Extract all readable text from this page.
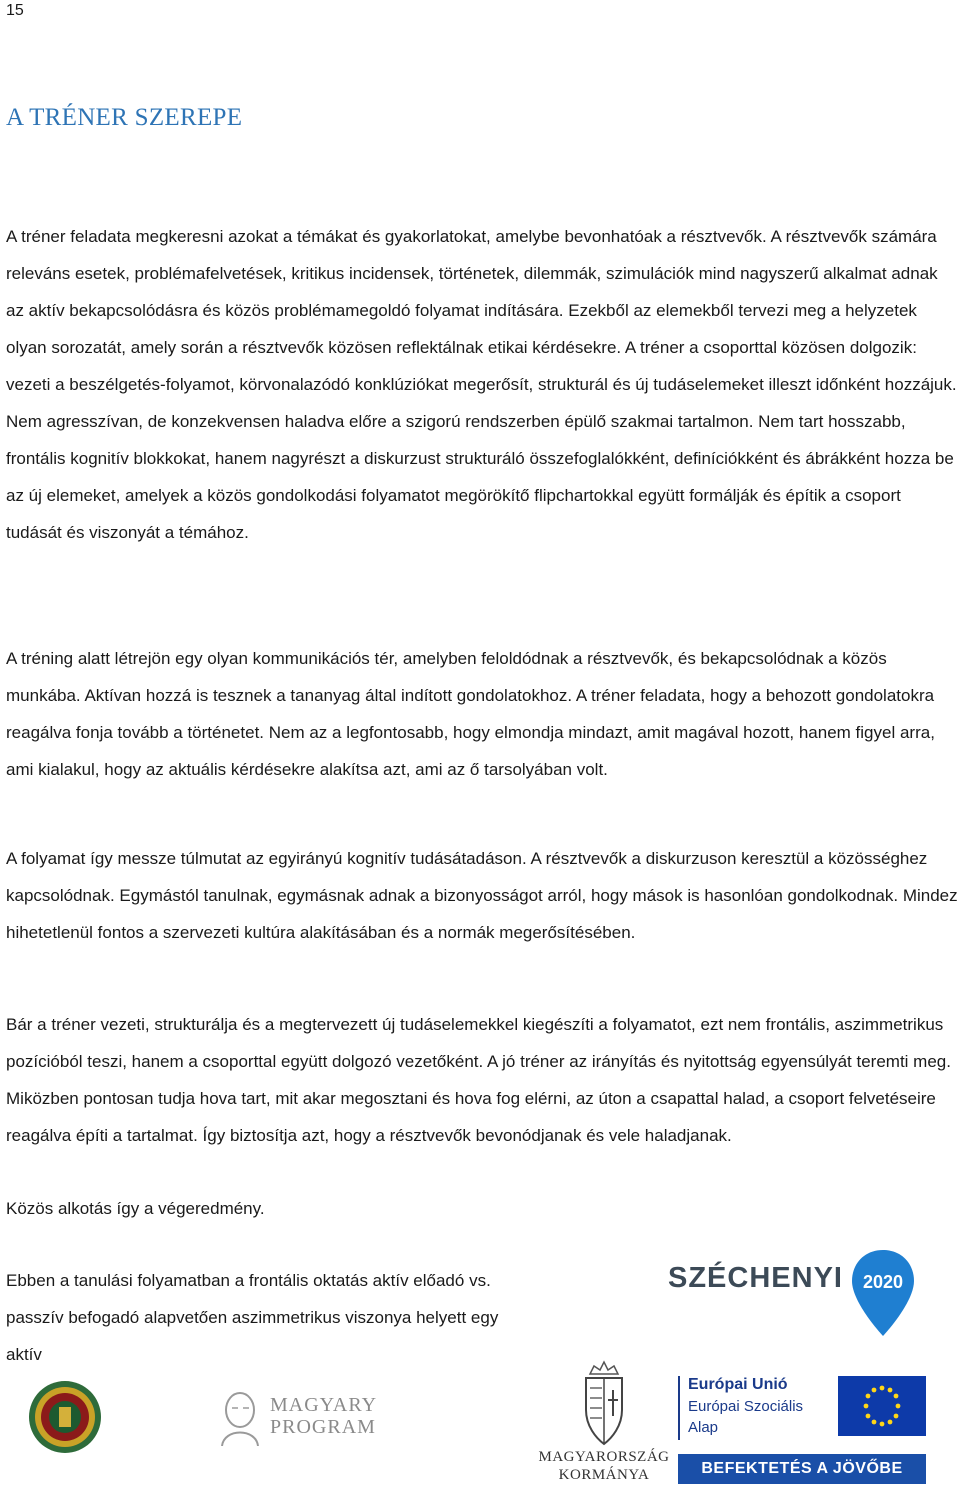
15
A TRÉNER SZEREPE

A tréner feladata megkeresni azokat a témákat és gyakorlatokat, amelybe bevonhatóak a résztvevők. A résztvevők számára releváns esetek, problémafelvetések, kritikus incidensek, történetek, dilemmák, szimulációk mind nagyszerű alkalmat adnak az aktív bekapcsolódásra és közös problémamegoldó folyamat indítására. Ezekből az elemekből tervezi meg a helyzetek olyan sorozatát, amely során a résztvevők közösen reflektálnak etikai kérdésekre. A tréner a csoporttal közösen dolgozik: vezeti a beszélgetés-folyamot, körvonalazódó konklúziókat megerősít, strukturál és új tudáselemeket illeszt időnként hozzájuk. Nem agresszívan, de konzekvensen haladva előre a szigorú rendszerben épülő szakmai tartalmon. Nem tart hosszabb, frontális kognitív blokkokat, hanem nagyrészt a diskurzust strukturáló összefoglalókként, definíciókként és ábrákként hozza be az új elemeket, amelyek a közös gondolkodási folyamatot megörökítő flipchartokkal együtt formálják és építik a csoport tudását és viszonyát a témához.

A tréning alatt létrejön egy olyan kommunikációs tér, amelyben feloldódnak a résztvevők, és bekapcsolódnak a közös munkába. Aktívan hozzá is tesznek a tananyag által indított gondolatokhoz. A tréner feladata, hogy a behozott gondolatokra reagálva fonja tovább a történetet. Nem az a legfontosabb, hogy elmondja mindazt, amit magával hozott, hanem figyel arra, ami kialakul, hogy az aktuális kérdésekre alakítsa azt, ami az ő tarsolyában volt.

A folyamat így messze túlmutat az egyirányú kognitív tudásátadáson. A résztvevők a diskurzuson keresztül a közösséghez kapcsolódnak. Egymástól tanulnak, egymásnak adnak a bizonyosságot arról, hogy mások is hasonlóan gondolkodnak. Mindez hihetetlenül fontos a szervezeti kultúra alakításában és a normák megerősítésében.

Bár a tréner vezeti, strukturálja és a megtervezett új tudáselemekkel kiegészíti a folyamatot, ezt nem frontális, aszimmetrikus pozícióból teszi, hanem a csoporttal együtt dolgozó vezetőként. A jó tréner az irányítás és nyitottság egyensúlyát teremti meg. Miközben pontosan tudja hova tart, mit akar megosztani és hova fog elérni, az úton a csapattal halad, a csoport felvetéseire reagálva építi a tartalmat. Így biztosítja azt, hogy a résztvevők bevonódjanak és vele haladjanak.

Közös alkotás így a végeredmény.

Ebben a tanulási folyamatban a frontális oktatás aktív előadó vs. passzív befogadó alapvetően aszimmetrikus viszonya helyett egy aktív

SZÉCHENYI 2020
MAGYARY
PROGRAM
MAGYARORSZÁG
KORMÁNYA
Európai Unió
Európai Szociális
Alap
BEFEKTETÉS A JÖVŐBE
